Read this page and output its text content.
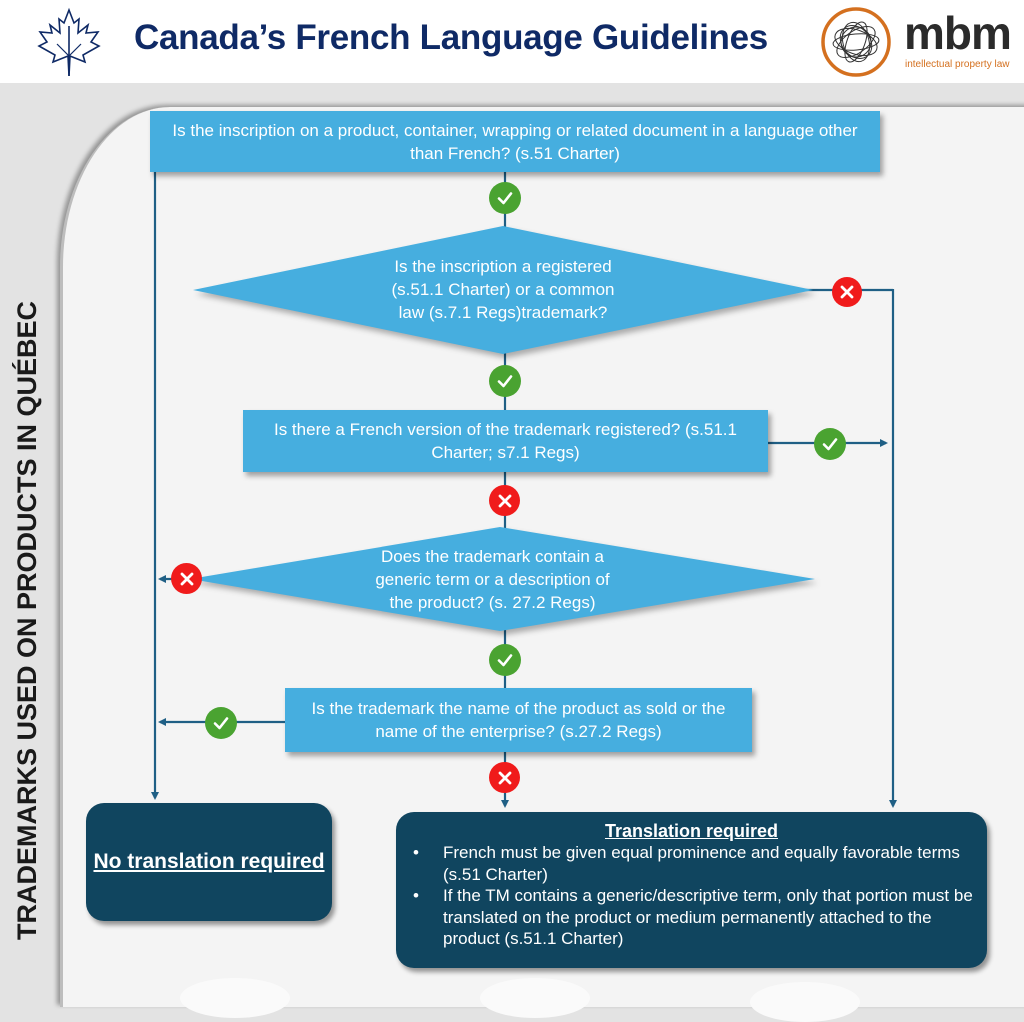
Canada’s French Language Guidelines	mbm
intellectual property law
TRADEMARKS USED ON PRODUCTS IN QUÉBEC
Is the inscription on a product, container, wrapping or related document in a language other than French? (s.51 Charter)
Is the inscription a registered
(s.51.1 Charter) or a common
law (s.7.1 Regs)trademark?
Is there a French version of the trademark registered? (s.51.1 Charter; s7.1 Regs)
Does the trademark contain a
generic term or a description of
the product? (s. 27.2 Regs)
Is the trademark the name of the product as sold or the name of the enterprise? (s.27.2 Regs)
No translation required
Translation required
• French must be given equal prominence and equally favorable terms (s.51 Charter)
• If the TM contains a generic/descriptive term, only that portion must be translated on the product or medium permanently attached to the product (s.51.1 Charter)
